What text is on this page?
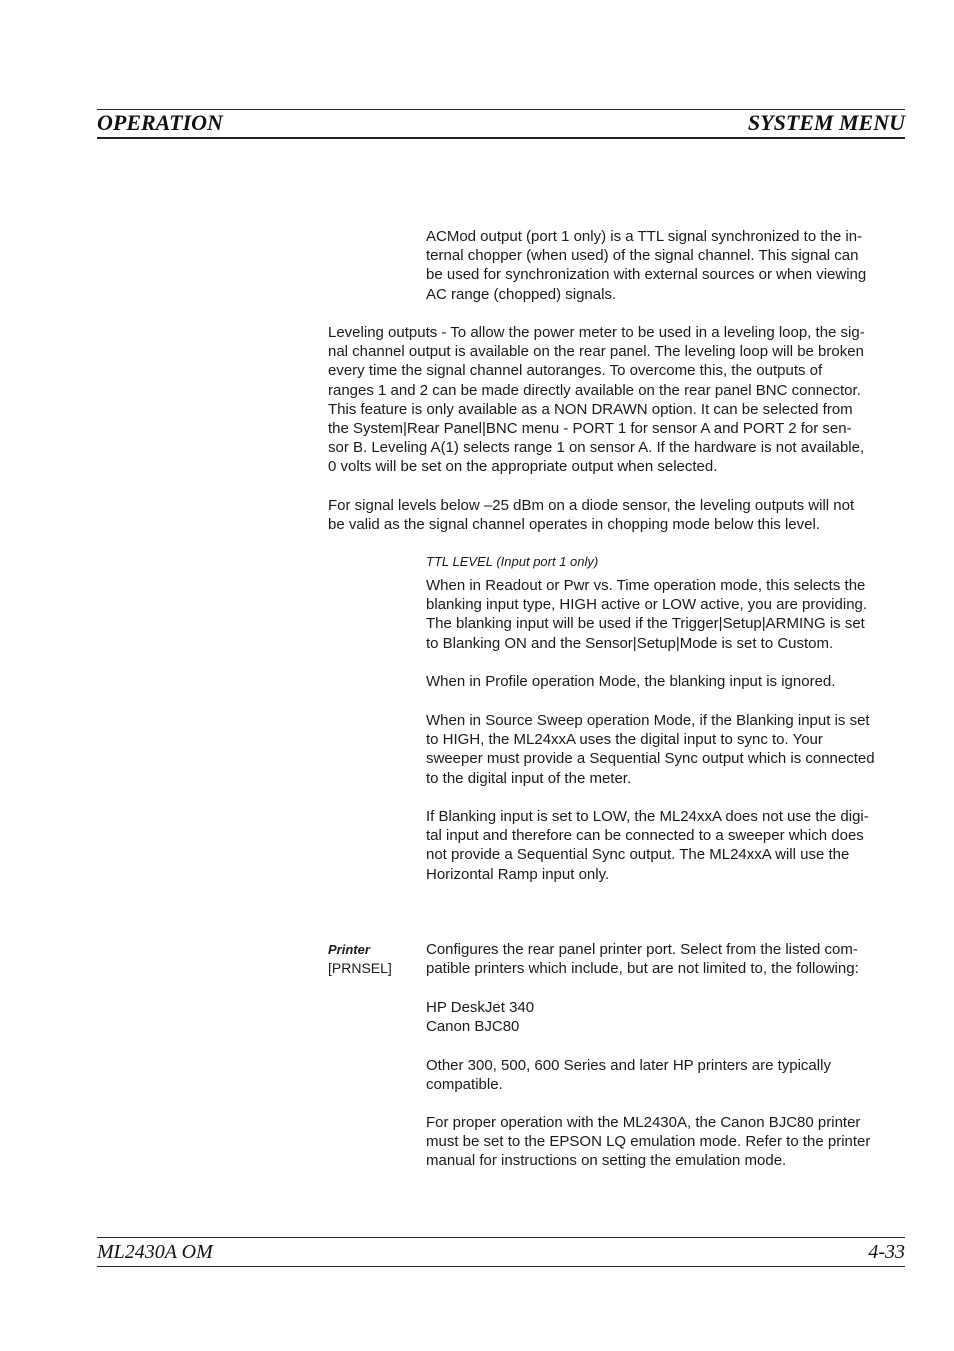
OPERATION	SYSTEM MENU
ACMod output (port 1 only) is a TTL signal synchronized to the in-
ternal chopper (when used) of the signal channel. This signal can
be used for synchronization with external sources or when viewing
AC range (chopped) signals.
Leveling outputs - To allow the power meter to be used in a leveling loop, the sig-
nal channel output is available on the rear panel. The leveling loop will be broken
every time the signal channel autoranges. To overcome this, the outputs of
ranges 1 and 2 can be made directly available on the rear panel BNC connector.
This feature is only available as a NON DRAWN option. It can be selected from
the System|Rear Panel|BNC menu - PORT 1 for sensor A and PORT 2 for sen-
sor B. Leveling A(1) selects range 1 on sensor A. If the hardware is not available,
0 volts will be set on the appropriate output when selected.
For signal levels below –25 dBm on a diode sensor, the leveling outputs will not
be valid as the signal channel operates in chopping mode below this level.
TTL LEVEL (Input port 1 only)
When in Readout or Pwr vs. Time operation mode, this selects the
blanking input type, HIGH active or LOW active, you are providing.
The blanking input will be used if the Trigger|Setup|ARMING is set
to Blanking ON and the Sensor|Setup|Mode is set to Custom.
When in Profile operation Mode, the blanking input is ignored.
When in Source Sweep operation Mode, if the Blanking input is set
to HIGH, the ML24xxA uses the digital input to sync to. Your
sweeper must provide a Sequential Sync output which is connected
to the digital input of the meter.
If Blanking input is set to LOW, the ML24xxA does not use the digi-
tal input and therefore can be connected to a sweeper which does
not provide a Sequential Sync output. The ML24xxA will use the
Horizontal Ramp input only.
Printer
[PRNSEL]
Configures the rear panel printer port. Select from the listed com-
patible printers which include, but are not limited to, the following:
HP DeskJet 340
Canon BJC80
Other 300, 500, 600 Series and later HP printers are typically
compatible.
For proper operation with the ML2430A, the Canon BJC80 printer
must be set to the EPSON LQ emulation mode. Refer to the printer
manual for instructions on setting the emulation mode.
ML2430A OM	4-33
